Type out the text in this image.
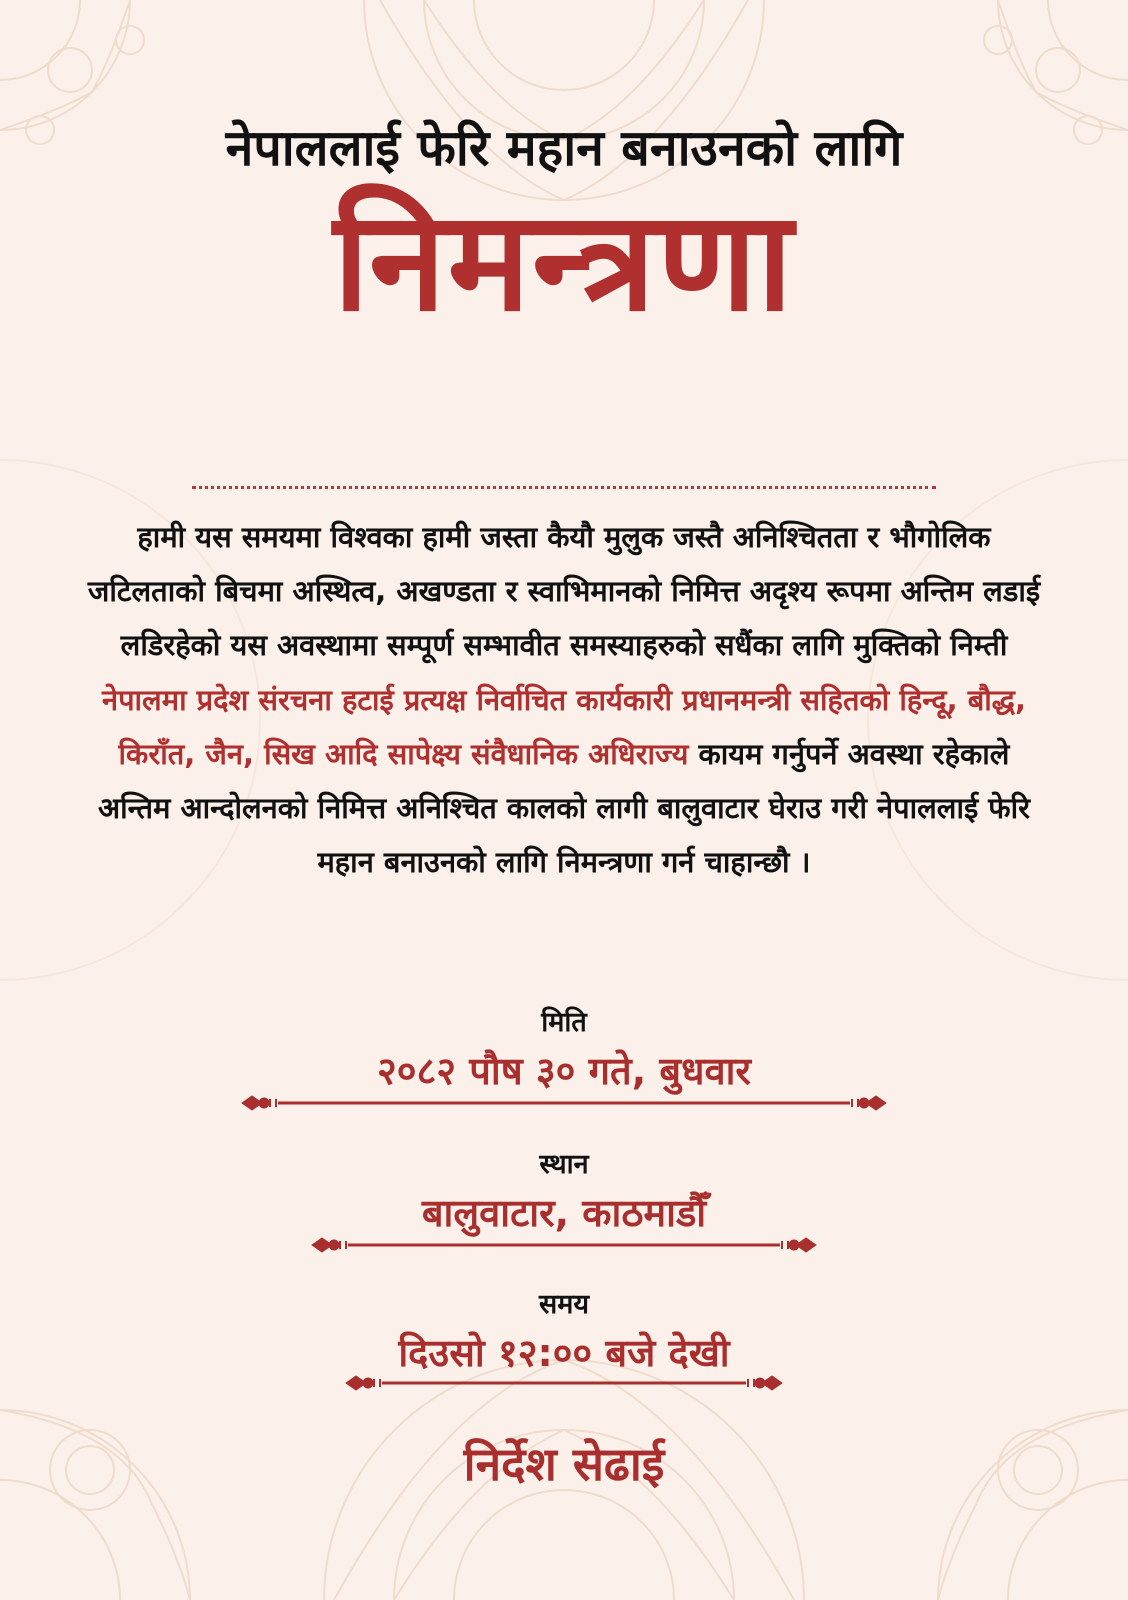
नेपाललाई फेरि महान बनाउनको लागि
निमन्त्रणा
हामी यस समयमा विश्वका हामी जस्ता कैयौ मुलुक जस्तै अनिश्चितता र भौगोलिक जटिलताको बिचमा अस्थित्व, अखण्डता र स्वाभिमानको निमित्त अदृश्य रूपमा अन्तिम लडाई लडिरहेको यस अवस्थामा सम्पूर्ण सम्भावीत समस्याहरुको सधैंका लागि मुक्तिको निम्ती नेपालमा प्रदेश संरचना हटाई प्रत्यक्ष निर्वाचित कार्यकारी प्रधानमन्त्री सहितको हिन्दू, बौद्ध, किराँत, जैन, सिख आदि सापेक्ष्य संवैधानिक अधिराज्य कायम गर्नुपर्ने अवस्था रहेकाले अन्तिम आन्दोलनको निमित्त अनिश्चित कालको लागी बालुवाटार घेराउ गरी नेपाललाई फेरि महान बनाउनको लागि निमन्त्रणा गर्न चाहान्छौ ।
मिति
२०८२ पौष ३० गते, बुधवार
स्थान
बालुवाटार, काठमाडौँ
समय
दिउसो १२:०० बजे देखी
निर्देश सेढाई
